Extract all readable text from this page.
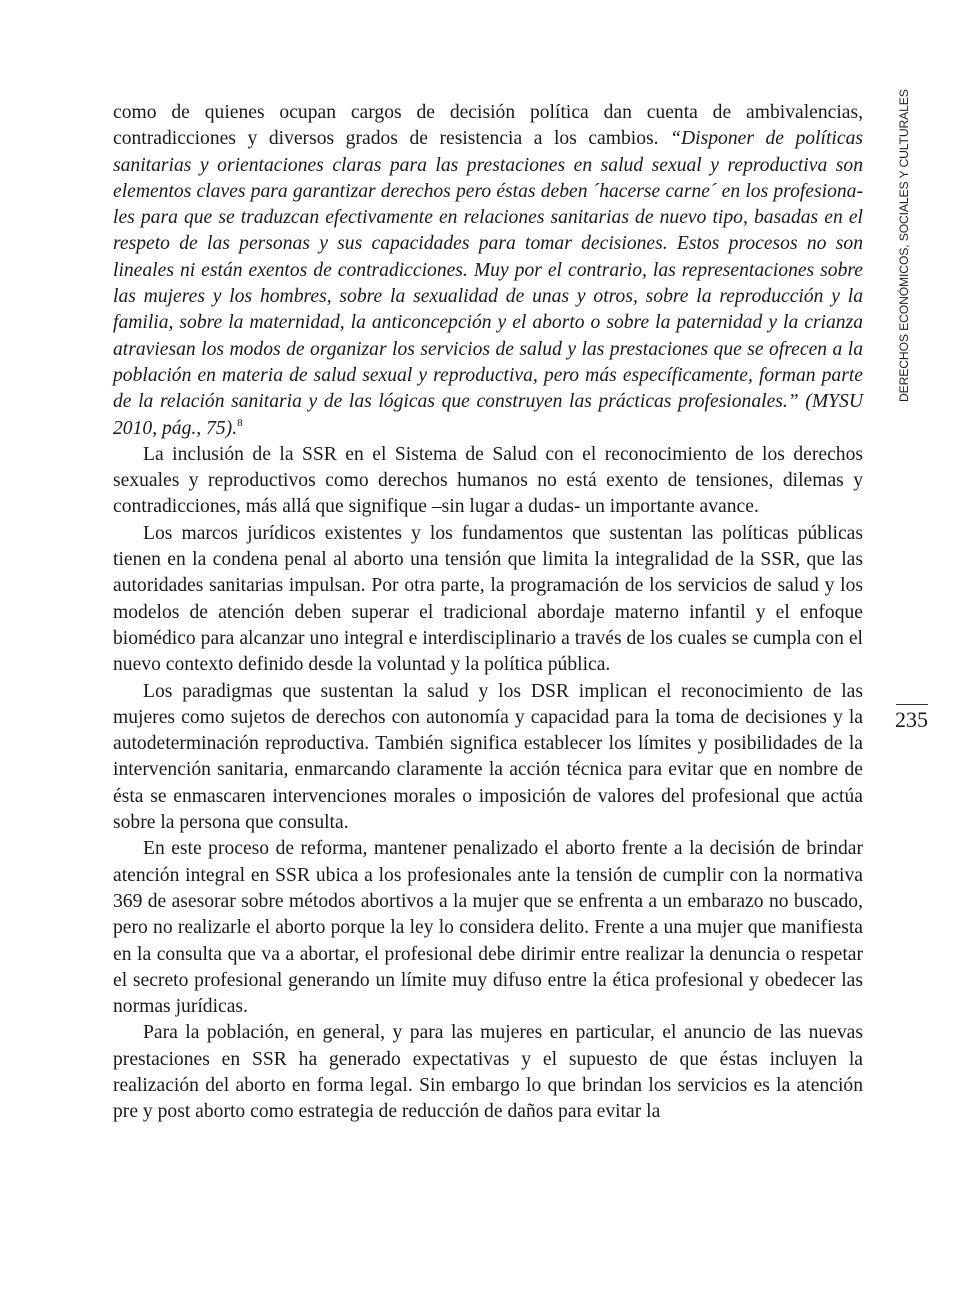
como de quienes ocupan cargos de decisión política dan cuenta de ambivalencias, contradicciones y diversos grados de resistencia a los cambios. “Disponer de políticas sanitarias y orientaciones claras para las prestaciones en salud sexual y reproductiva son elementos claves para garantizar derechos pero éstas deben ´hacerse carne´ en los profesionales para que se traduzcan efectivamente en relaciones sanitarias de nuevo tipo, basadas en el respeto de las personas y sus capacidades para tomar decisiones. Estos procesos no son lineales ni están exentos de contradicciones. Muy por el contrario, las representaciones sobre las mujeres y los hombres, sobre la sexualidad de unas y otros, sobre la reproducción y la familia, sobre la maternidad, la anticoncepción y el aborto o sobre la paternidad y la crianza atraviesan los modos de organizar los servicios de salud y las prestaciones que se ofrecen a la población en materia de salud sexual y reproductiva, pero más específicamente, forman parte de la relación sanitaria y de las lógicas que construyen las prácticas profesionales.” (MYSU 2010, pág., 75).$^8$

La inclusión de la SSR en el Sistema de Salud con el reconocimiento de los derechos sexuales y reproductivos como derechos humanos no está exento de tensiones, dilemas y contradicciones, más allá que signifique –sin lugar a dudas- un importante avance.

Los marcos jurídicos existentes y los fundamentos que sustentan las políticas públicas tienen en la condena penal al aborto una tensión que limita la integralidad de la SSR, que las autoridades sanitarias impulsan. Por otra parte, la programación de los servicios de salud y los modelos de atención deben superar el tradicional abordaje materno infantil y el enfoque biomédico para alcanzar uno integral e interdisciplinario a través de los cuales se cumpla con el nuevo contexto definido desde la voluntad y la política pública.

Los paradigmas que sustentan la salud y los DSR implican el reconocimiento de las mujeres como sujetos de derechos con autonomía y capacidad para la toma de decisiones y la autodeterminación reproductiva. También significa establecer los límites y posibilidades de la intervención sanitaria, enmarcando claramente la acción técnica para evitar que en nombre de ésta se enmascaren intervenciones morales o imposición de valores del profesional que actúa sobre la persona que consulta.

En este proceso de reforma, mantener penalizado el aborto frente a la decisión de brindar atención integral en SSR ubica a los profesionales ante la tensión de cumplir con la normativa 369 de asesorar sobre métodos abortivos a la mujer que se enfrenta a un embarazo no buscado, pero no realizarle el aborto porque la ley lo considera delito. Frente a una mujer que manifiesta en la consulta que va a abortar, el profesional debe dirimir entre realizar la denuncia o respetar el secreto profesional generando un límite muy difuso entre la ética profesional y obedecer las normas jurídicas.

Para la población, en general, y para las mujeres en particular, el anuncio de las nuevas prestaciones en SSR ha generado expectativas y el supuesto de que éstas incluyen la realización del aborto en forma legal. Sin embargo lo que brindan los servicios es la atención pre y post aborto como estrategia de reducción de daños para evitar la

DERECHOS ECONÓMICOS, SOCIALES Y CULTURALES
235
